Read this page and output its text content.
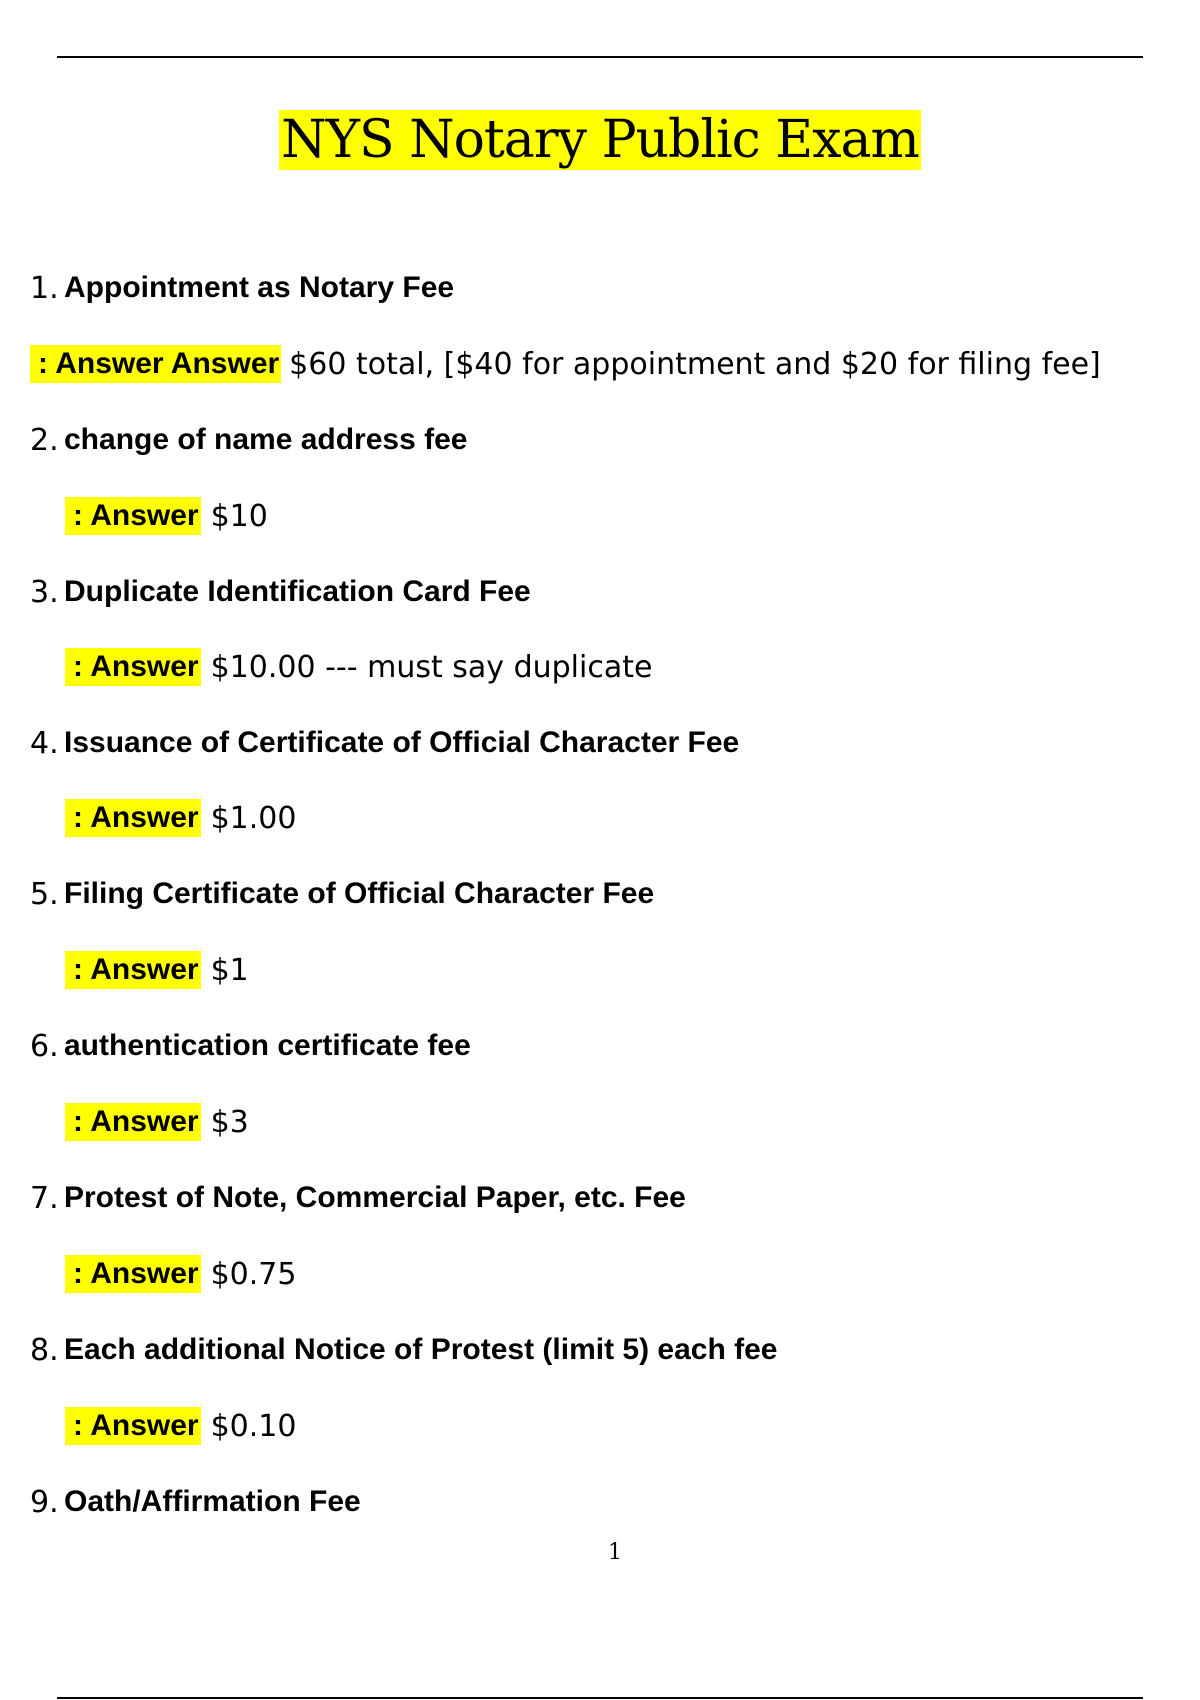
NYS Notary Public Exam
1. Appointment as Notary Fee
: Answer Answer $60 total, [$40 for appointment and $20 for filing fee]
2. change of name address fee
: Answer $10
3. Duplicate Identification Card Fee
: Answer $10.00 --- must say duplicate
4. Issuance of Certificate of Official Character Fee
: Answer $1.00
5. Filing Certificate of Official Character Fee
: Answer $1
6. authentication certificate fee
: Answer $3
7. Protest of Note, Commercial Paper, etc. Fee
: Answer $0.75
8. Each additional Notice of Protest (limit 5) each fee
: Answer $0.10
9. Oath/Affirmation Fee
1
